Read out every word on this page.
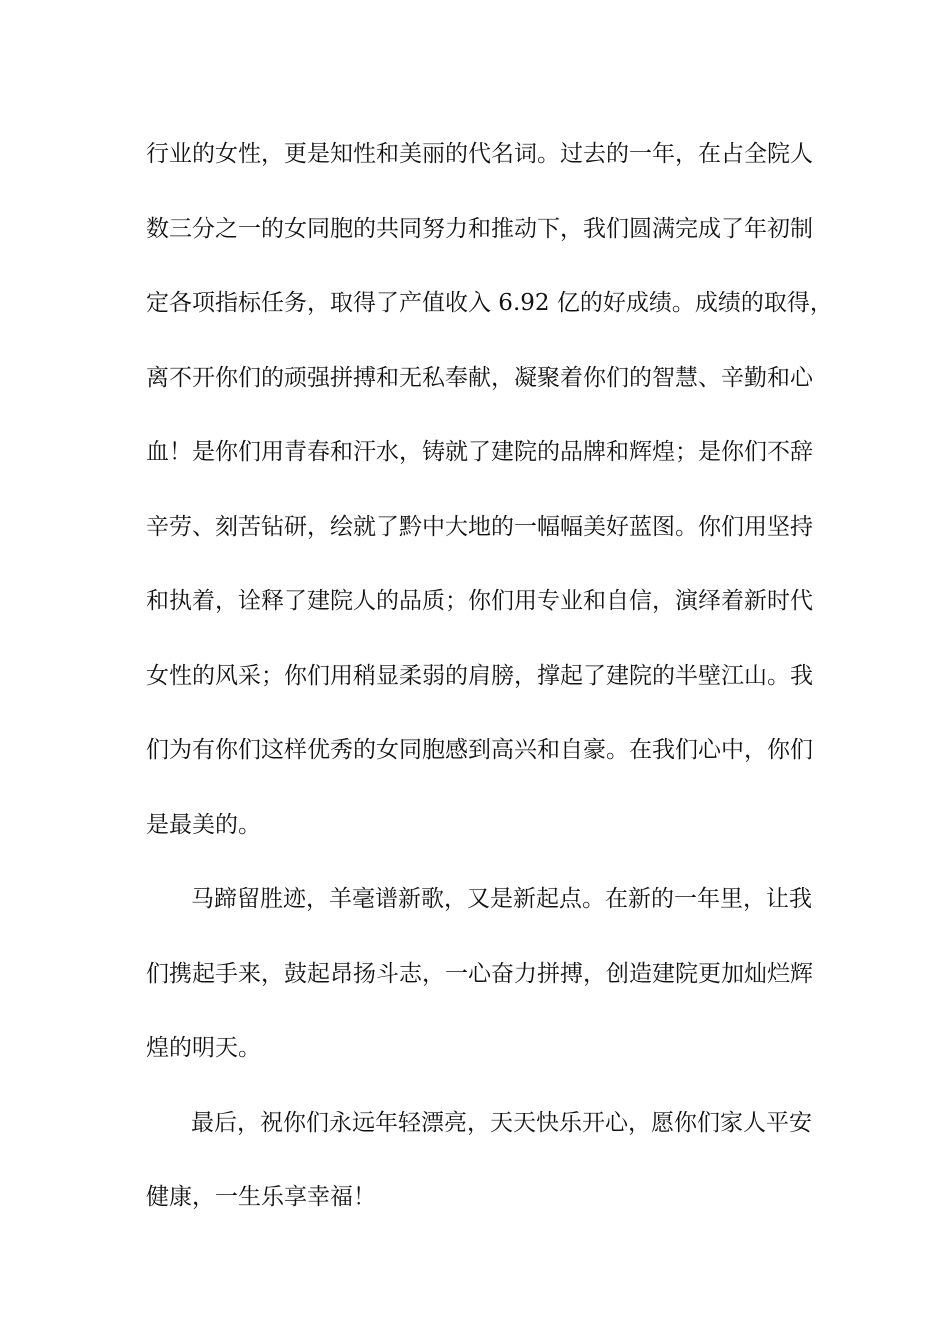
行业的女性，更是知性和美丽的代名词。过去的一年，在占全院人
数三分之一的女同胞的共同努力和推动下，我们圆满完成了年初制
定各项指标任务，取得了产值收入 6.92 亿的好成绩。成绩的取得，
离不开你们的顽强拼搏和无私奉献，凝聚着你们的智慧、辛勤和心
血！是你们用青春和汗水，铸就了建院的品牌和辉煌；是你们不辞
辛劳、刻苦钻研，绘就了黔中大地的一幅幅美好蓝图。你们用坚持
和执着，诠释了建院人的品质；你们用专业和自信，演绎着新时代
女性的风采；你们用稍显柔弱的肩膀，撑起了建院的半壁江山。我
们为有你们这样优秀的女同胞感到高兴和自豪。在我们心中，你们
是最美的。
马蹄留胜迹，羊毫谱新歌，又是新起点。在新的一年里，让我
们携起手来，鼓起昂扬斗志，一心奋力拼搏，创造建院更加灿烂辉
煌的明天。
最后，祝你们永远年轻漂亮，天天快乐开心，愿你们家人平安
健康，一生乐享幸福！
